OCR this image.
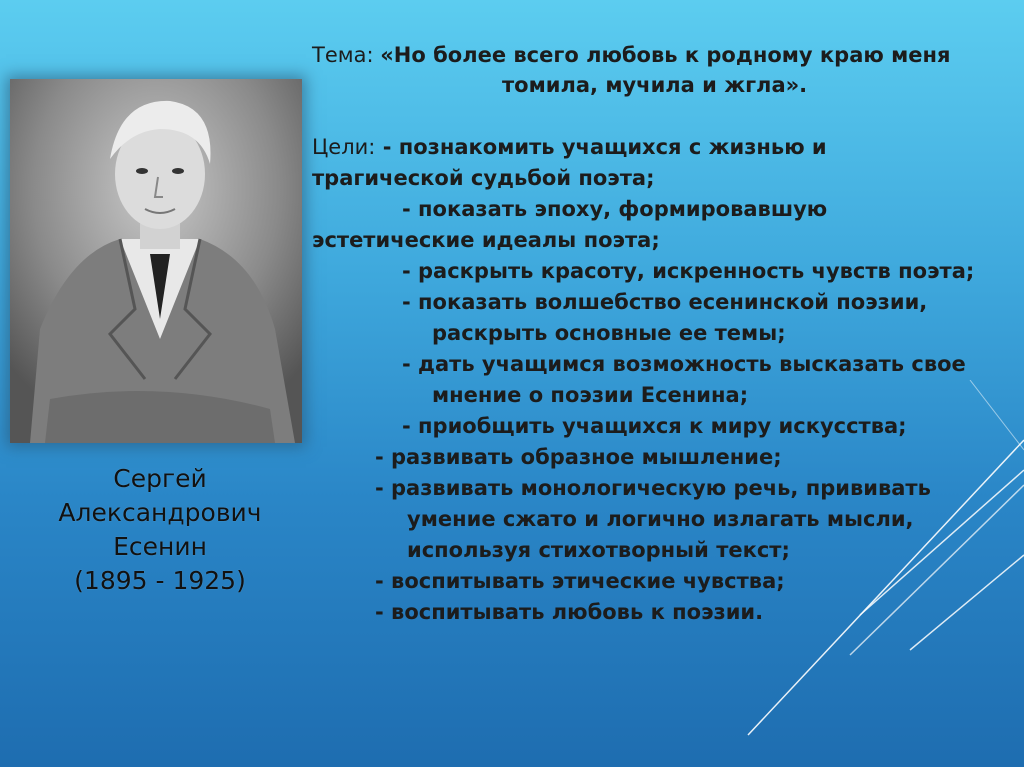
Сергей
Александрович
Есенин
(1895 - 1925)
Тема: «Но более всего любовь к родному краю меня
томила, мучила и жгла».
Цели: - познакомить учащихся с жизнью и
трагической судьбой поэта;
- показать эпоху, формировавшую
эстетические идеалы поэта;
- раскрыть красоту, искренность чувств поэта;
- показать волшебство есенинской поэзии,
раскрыть основные ее темы;
- дать учащимся возможность высказать свое
мнение о поэзии Есенина;
- приобщить учащихся к миру искусства;
- развивать образное мышление;
- развивать монологическую речь, прививать
умение сжато и логично излагать мысли,
используя стихотворный текст;
- воспитывать этические чувства;
- воспитывать любовь к поэзии.
